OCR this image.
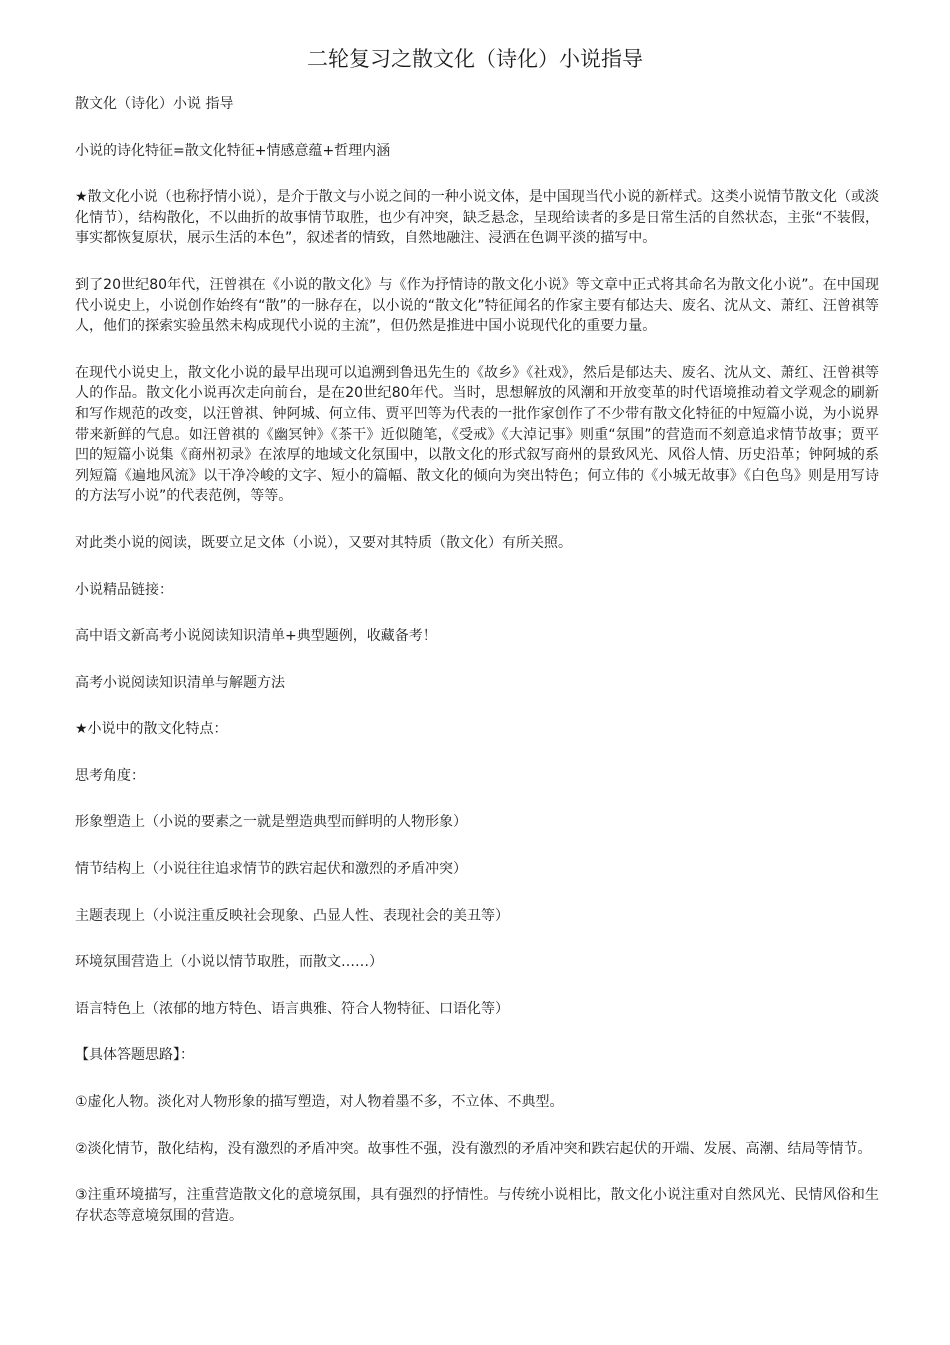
二轮复习之散文化（诗化）小说指导

散文化（诗化）小说 指导

小说的诗化特征=散文化特征+情感意蕴+哲理内涵

★散文化小说（也称抒情小说），是介于散文与小说之间的一种小说文体，是中国现当代小说的新样式。这类小说情节散文化（或淡化情节），结构散化，不以曲折的故事情节取胜，也少有冲突，缺乏悬念，呈现给读者的多是日常生活的自然状态，主张“不装假，事实都恢复原状，展示生活的本色”，叙述者的情致，自然地融注、浸洒在色调平淡的描写中。

到了20世纪80年代，汪曾祺在《小说的散文化》与《作为抒情诗的散文化小说》等文章中正式将其命名为散文化小说”。在中国现代小说史上，小说创作始终有“散”的一脉存在，以小说的“散文化”特征闻名的作家主要有郁达夫、废名、沈从文、萧红、汪曾祺等人，他们的探索实验虽然未构成现代小说的主流”，但仍然是推进中国小说现代化的重要力量。

在现代小说史上，散文化小说的最早出现可以追溯到鲁迅先生的《故乡》《社戏》，然后是郁达夫、废名、沈从文、萧红、汪曾祺等人的作品。散文化小说再次走向前台，是在20世纪80年代。当时，思想解放的风潮和开放变革的时代语境推动着文学观念的刷新和写作规范的改变，以汪曾祺、钟阿城、何立伟、贾平凹等为代表的一批作家创作了不少带有散文化特征的中短篇小说，为小说界带来新鲜的气息。如汪曾祺的《幽冥钟》《茶干》近似随笔，《受戒》《大淖记事》则重“氛围”的营造而不刻意追求情节故事；贾平凹的短篇小说集《商州初录》在浓厚的地域文化氛围中，以散文化的形式叙写商州的景致风光、风俗人情、历史沿革；钟阿城的系列短篇《遍地风流》以干净冷峻的文字、短小的篇幅、散文化的倾向为突出特色；何立伟的《小城无故事》《白色鸟》则是用写诗的方法写小说”的代表范例，等等。

对此类小说的阅读，既要立足文体（小说），又要对其特质（散文化）有所关照。

小说精品链接：

高中语文新高考小说阅读知识清单+典型题例，收藏备考！

高考小说阅读知识清单与解题方法

★小说中的散文化特点：

思考角度：

形象塑造上（小说的要素之一就是塑造典型而鲜明的人物形象）

情节结构上（小说往往追求情节的跌宕起伏和激烈的矛盾冲突）

主题表现上（小说注重反映社会现象、凸显人性、表现社会的美丑等）

环境氛围营造上（小说以情节取胜，而散文……）

语言特色上（浓郁的地方特色、语言典雅、符合人物特征、口语化等）

【具体答题思路】：

①虚化人物。淡化对人物形象的描写塑造，对人物着墨不多，不立体、不典型。

②淡化情节，散化结构，没有激烈的矛盾冲突。故事性不强，没有激烈的矛盾冲突和跌宕起伏的开端、发展、高潮、结局等情节。

③注重环境描写，注重营造散文化的意境氛围，具有强烈的抒情性。与传统小说相比，散文化小说注重对自然风光、民情风俗和生存状态等意境氛围的营造。
